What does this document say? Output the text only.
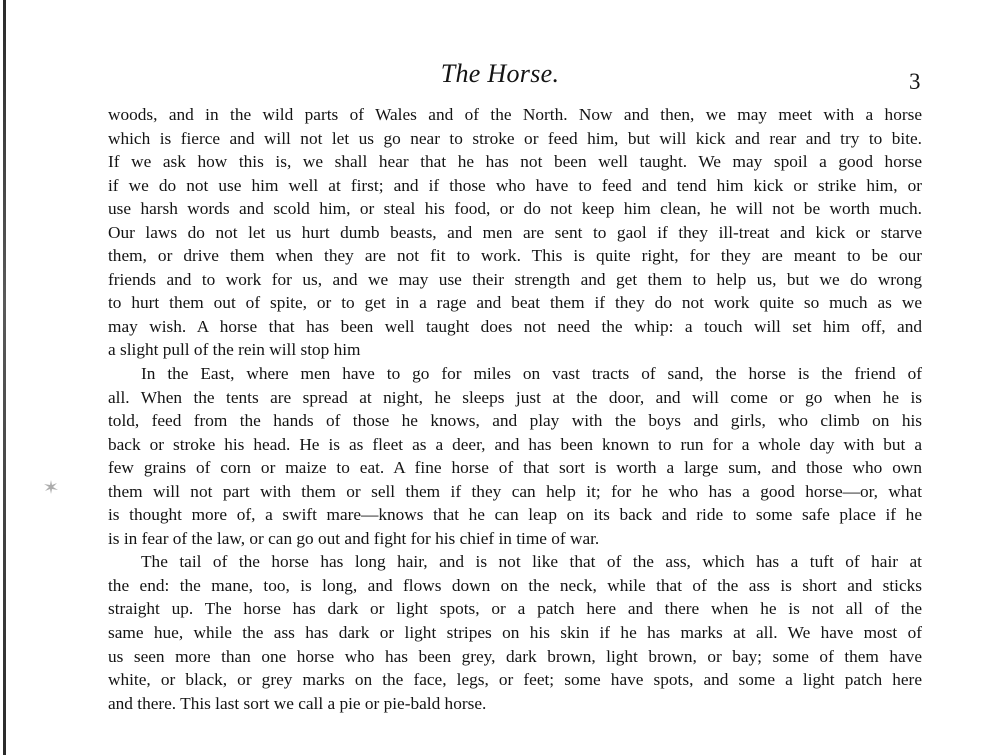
The Horse.	3
woods, and in the wild parts of Wales and of the North. Now and then, we may meet with a horse
which is fierce and will not let us go near to stroke or feed him, but will kick and rear and try to bite.
If we ask how this is, we shall hear that he has not been well taught. We may spoil a good horse
if we do not use him well at first; and if those who have to feed and tend him kick or strike him, or
use harsh words and scold him, or steal his food, or do not keep him clean, he will not be worth much.
Our laws do not let us hurt dumb beasts, and men are sent to gaol if they ill-treat and kick or starve
them, or drive them when they are not fit to work. This is quite right, for they are meant to be our
friends and to work for us, and we may use their strength and get them to help us, but we do wrong
to hurt them out of spite, or to get in a rage and beat them if they do not work quite so much as we
may wish. A horse that has been well taught does not need the whip: a touch will set him off, and
a slight pull of the rein will stop him
In the East, where men have to go for miles on vast tracts of sand, the horse is the friend of
all. When the tents are spread at night, he sleeps just at the door, and will come or go when he is
told, feed from the hands of those he knows, and play with the boys and girls, who climb on his
back or stroke his head. He is as fleet as a deer, and has been known to run for a whole day with but a
few grains of corn or maize to eat. A fine horse of that sort is worth a large sum, and those who own
them will not part with them or sell them if they can help it; for he who has a good horse—or, what
is thought more of, a swift mare—knows that he can leap on its back and ride to some safe place if he
is in fear of the law, or can go out and fight for his chief in time of war.
The tail of the horse has long hair, and is not like that of the ass, which has a tuft of hair at
the end: the mane, too, is long, and flows down on the neck, while that of the ass is short and sticks
straight up. The horse has dark or light spots, or a patch here and there when he is not all of the
same hue, while the ass has dark or light stripes on his skin if he has marks at all. We have most of
us seen more than one horse who has been grey, dark brown, light brown, or bay; some of them have
white, or black, or grey marks on the face, legs, or feet; some have spots, and some a light patch here
and there. This last sort we call a pie or pie-bald horse.
